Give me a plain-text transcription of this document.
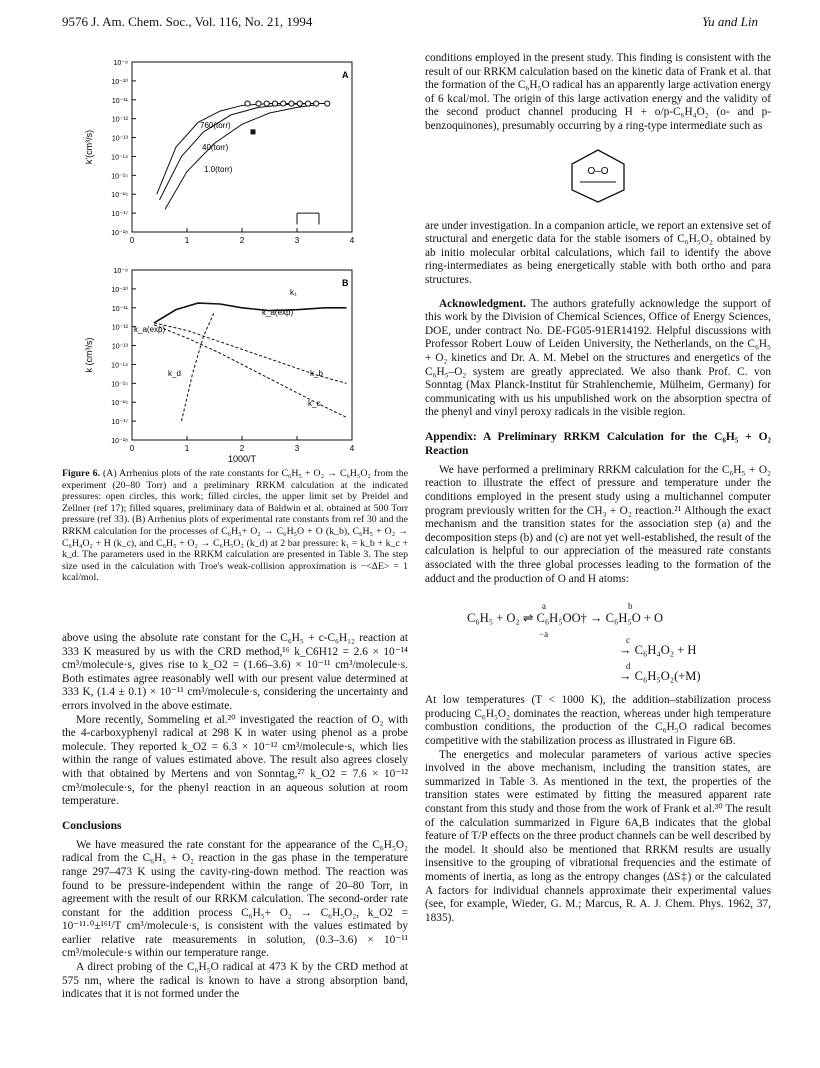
9576 J. Am. Chem. Soc., Vol. 116, No. 21, 1994	Yu and Lin
10⁻⁹
10⁻¹⁰
10⁻¹¹
10⁻¹²
10⁻¹³
10⁻¹⁴
10⁻¹⁵
10⁻¹⁶
10⁻¹⁷
10⁻¹⁸
0	1	2	3	4
k'(cm³/s)
A
10⁻⁹
10⁻¹⁰
10⁻¹¹
10⁻¹²
10⁻¹³
10⁻¹⁴
10⁻¹⁵
10⁻¹⁶
10⁻¹⁷
10⁻¹⁸
0	1	2	3	4
k (cm³/s)
B
760(torr)
40(torr)
1.0(torr)
k₁
k_a(exp)
k_a(exp)
k_b
k_c
k_d
1000/T
Figure 6. (A) Arrhenius plots of the rate constants for C₆H₅ + O₂ → C₆H₅O₂ from the experiment (20–80 Torr) and a preliminary RRKM calculation at the indicated pressures: open circles, this work; filled circles, the upper limit set by Preidel and Zellner (ref 17); filled squares, preliminary data of Baldwin et al. obtained at 500 Torr pressure (ref 33). (B) Arrhenius plots of experimental rate constants from ref 30 and the RRKM calculation for the processes of C₆H₅+ O₂ → C₆H₅O + O (k_b), C₆H₅ + O₂ → C₆H₄O₂ + H (k_c), and C₆H₅ + O₂ → C₆H₅O₂ (k_d) at 2 bar pressure: k₁ = k_b + k_c + k_d. The parameters used in the RRKM calculation are presented in Table 3. The step size used in the calculation with Troe's weak-collision approximation is −<ΔE> = 1 kcal/mol.

above using the absolute rate constant for the C₆H₅ + c-C₆H₁₂ reaction at 333 K measured by us with the CRD method,¹⁶ k_C6H12 = 2.6 × 10⁻¹⁴ cm³/molecule·s, gives rise to k_O2 = (1.66–3.6) × 10⁻¹¹ cm³/molecule·s. Both estimates agree reasonably well with our present value determined at 333 K, (1.4 ± 0.1) × 10⁻¹¹ cm³/molecule·s, considering the uncertainty and errors involved in the above estimate.

More recently, Sommeling et al.²⁰ investigated the reaction of O₂ with the 4-carboxyphenyl radical at 298 K in water using phenol as a probe molecule. They reported k_O2 = 6.3 × 10⁻¹² cm³/molecule·s, which lies within the range of values estimated above. The result also agrees closely with that obtained by Mertens and von Sonntag,²⁷ k_O2 = 7.6 × 10⁻¹² cm³/molecule·s, for the phenyl reaction in an aqueous solution at room temperature.

Conclusions

We have measured the rate constant for the appearance of the C₆H₅O₂ radical from the C₆H₅ + O₂ reaction in the gas phase in the temperature range 297–473 K using the cavity-ring-down method. The reaction was found to be pressure-independent within the range of 20–80 Torr, in agreement with the result of our RRKM calculation. The second-order rate constant for the addition process C₆H₅+ O₂ → C₆H₅O₂, k_O2 = 10⁻¹¹·⁰±¹⁶¹/T cm³/molecule·s, is consistent with the values estimated by earlier relative rate measurements in solution, (0.3–3.6) × 10⁻¹¹ cm³/molecule·s within our temperature range.

A direct probing of the C₆H₅O radical at 473 K by the CRD method at 575 nm, where the radical is known to have a strong absorption band, indicates that it is not formed under the

conditions employed in the present study. This finding is consistent with the result of our RRKM calculation based on the kinetic data of Frank et al. that the formation of the C₆H₅O radical has an apparently large activation energy of 6 kcal/mol. The origin of this large activation energy and the validity of the second product channel producing H + o/p-C₆H₄O₂ (o- and p-benzoquinones), presumably occurring by a ring-type intermediate such as

O–O

are under investigation. In a companion article, we report an extensive set of structural and energetic data for the stable isomers of C₆H₅O₂ obtained by ab initio molecular orbital calculations, which fail to identify the above ring-intermediates as being energetically stable with both ortho and para structures.

Acknowledgment. The authors gratefully acknowledge the support of this work by the Division of Chemical Sciences, Office of Energy Sciences, DOE, under contract No. DE-FG05-91ER14192. Helpful discussions with Professor Robert Louw of Leiden University, the Netherlands, on the C₆H₅ + O₂ kinetics and Dr. A. M. Mebel on the structures and energetics of the C₆H₅–O₂ system are greatly appreciated. We also thank Prof. C. von Sonntag (Max Planck-Institut für Strahlenchemie, Mülheim, Germany) for communicating with us his unpublished work on the absorption spectra of the phenyl and vinyl peroxy radicals in the visible region.

Appendix: A Preliminary RRKM Calculation for the C₆H₅ + O₂ Reaction

We have performed a preliminary RRKM calculation for the C₆H₅ + O₂ reaction to illustrate the effect of pressure and temperature under the conditions employed in the present study using a multichannel computer program previously written for the CH₃ + O₂ reaction.²¹ Although the exact mechanism and the transition states for the association step (a) and the decomposition steps (b) and (c) are not yet well-established, the result of the calculation is helpful to our appreciation of the measured rate constants associated with the three global processes leading to the formation of the adduct and the production of O and H atoms:

C₆H₅ + O₂ ⇌ C₆H₅OO† → C₆H₅O + O
a
−a
b
→ C₆H₄O₂ + H
c
→ C₆H₅O₂(+M)
d

At low temperatures (T < 1000 K), the addition–stabilization process producing C₆H₅O₂ dominates the reaction, whereas under high temperature combustion conditions, the production of the C₆H₅O radical becomes competitive with the stabilization process as illustrated in Figure 6B.

The energetics and molecular parameters of various active species involved in the above mechanism, including the transition states, are summarized in Table 3. As mentioned in the text, the properties of the transition states were estimated by fitting the measured apparent rate constant from this study and those from the work of Frank et al.³⁰ The result of the calculation summarized in Figure 6A,B indicates that the global feature of T/P effects on the three product channels can be well described by the model. It should also be mentioned that RRKM results are usually insensitive to the grouping of vibrational frequencies and the estimate of moments of inertia, as long as the entropy changes (ΔS‡) or the calculated A factors for individual channels approximate their experimental values (see, for example, Wieder, G. M.; Marcus, R. A. J. Chem. Phys. 1962, 37, 1835).
